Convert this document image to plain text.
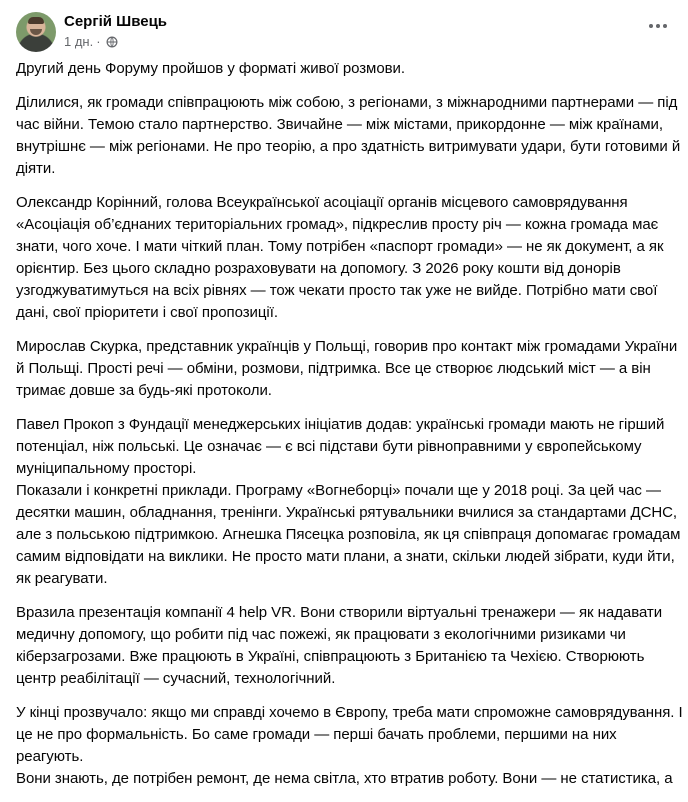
Сергій Швець
1 дн. ·

Другий день Форуму пройшов у форматі живої розмови.

Ділилися, як громади співпрацюють між собою, з регіонами, з міжнародними партнерами — під
час війни. Темою стало партнерство. Звичайне — між містами, прикордонне — між країнами,
внутрішнє — між регіонами. Не про теорію, а про здатність витримувати удари, бути готовими й
діяти.

Олександр Корінний, голова Всеукраїнської асоціації органів місцевого самоврядування
«Асоціація об’єднаних територіальних громад», підкреслив просту річ — кожна громада має
знати, чого хоче. І мати чіткий план. Тому потрібен «паспорт громади» — не як документ, а як
орієнтир. Без цього складно розраховувати на допомогу. З 2026 року кошти від донорів
узгоджуватимуться на всіх рівнях — тож чекати просто так уже не вийде. Потрібно мати свої
дані, свої пріоритети і свої пропозиції.

Мирослав Скурка, представник українців у Польщі, говорив про контакт між громадами України
й Польщі. Прості речі — обміни, розмови, підтримка. Все це створює людський міст — а він
тримає довше за будь-які протоколи.

Павел Прокоп з Фундації менеджерських ініціатив додав: українські громади мають не гірший
потенціал, ніж польські. Це означає — є всі підстави бути рівноправними у європейському
муніципальному просторі.
Показали і конкретні приклади. Програму «Вогнеборці» почали ще у 2018 році. За цей час —
десятки машин, обладнання, тренінги. Українські рятувальники вчилися за стандартами ДСНС,
але з польською підтримкою. Агнешка Пясецка розповіла, як ця співпраця допомагає громадам
самим відповідати на виклики. Не просто мати плани, а знати, скільки людей зібрати, куди йти,
як реагувати.

Вразила презентація компанії 4 help VR. Вони створили віртуальні тренажери — як надавати
медичну допомогу, що робити під час пожежі, як працювати з екологічними ризиками чи
кіберзагрозами. Вже працюють в Україні, співпрацюють з Британією та Чехією. Створюють
центр реабілітації — сучасний, технологічний.

У кінці прозвучало: якщо ми справді хочемо в Європу, треба мати спроможне самоврядування. І
це не про формальність. Бо саме громади — перші бачать проблеми, першими на них реагують.
Вони знають, де потрібен ремонт, де нема світла, хто втратив роботу. Вони — не статистика, а
